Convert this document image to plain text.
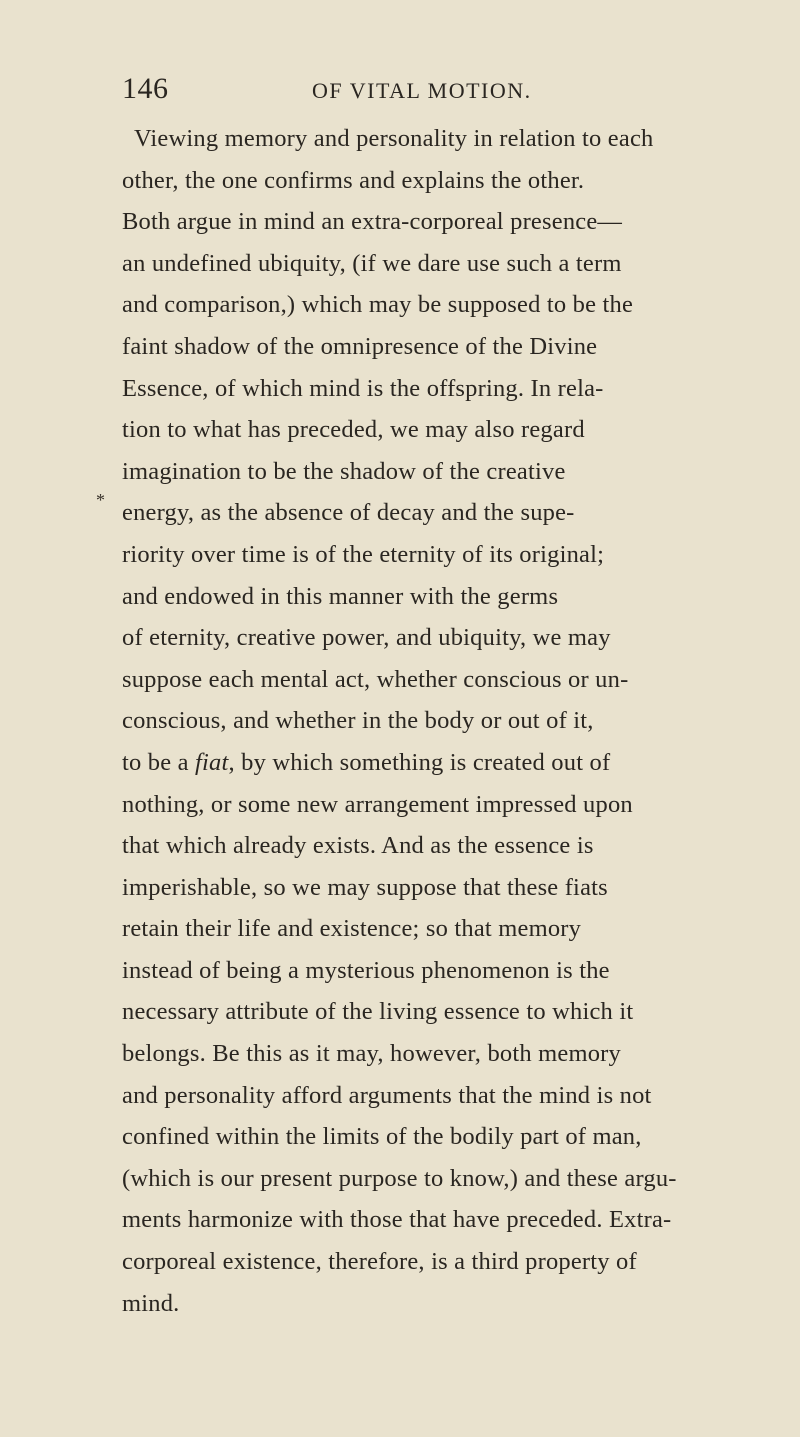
146	OF VITAL MOTION.
*
Viewing memory and personality in relation to each
other, the one confirms and explains the other.
Both argue in mind an extra-corporeal presence—
an undefined ubiquity, (if we dare use such a term
and comparison,) which may be supposed to be the
faint shadow of the omnipresence of the Divine
Essence, of which mind is the offspring. In rela-
tion to what has preceded, we may also regard
imagination to be the shadow of the creative
energy, as the absence of decay and the supe-
riority over time is of the eternity of its original;
and endowed in this manner with the germs
of eternity, creative power, and ubiquity, we may
suppose each mental act, whether conscious or un-
conscious, and whether in the body or out of it,
to be a fiat, by which something is created out of
nothing, or some new arrangement impressed upon
that which already exists. And as the essence is
imperishable, so we may suppose that these fiats
retain their life and existence; so that memory
instead of being a mysterious phenomenon is the
necessary attribute of the living essence to which it
belongs. Be this as it may, however, both memory
and personality afford arguments that the mind is not
confined within the limits of the bodily part of man,
(which is our present purpose to know,) and these argu-
ments harmonize with those that have preceded. Extra-
corporeal existence, therefore, is a third property of
mind.
